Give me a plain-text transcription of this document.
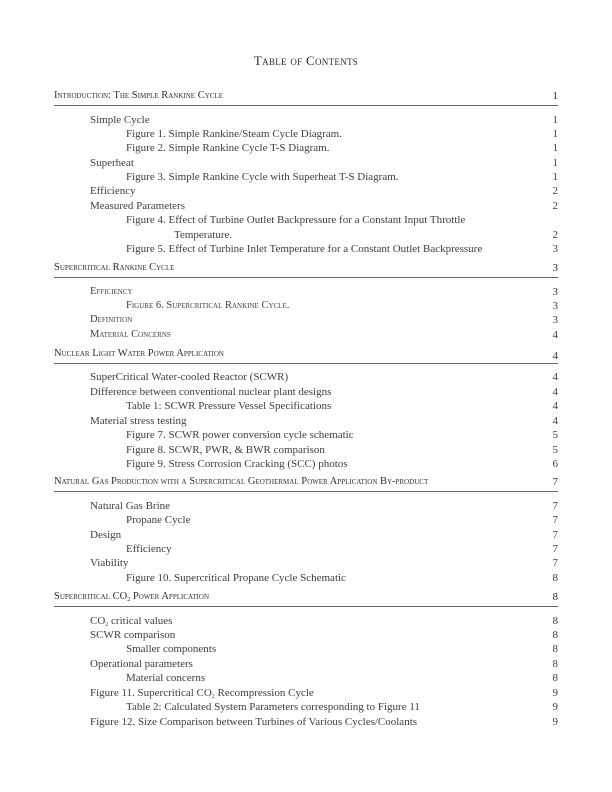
Table of Contents
Introduction: The Simple Rankine Cycle	1
Simple Cycle	1
Figure 1. Simple Rankine/Steam Cycle Diagram.	1
Figure 2. Simple Rankine Cycle T-S Diagram.	1
Superheat	1
Figure 3. Simple Rankine Cycle with Superheat T-S Diagram.	1
Efficiency	2
Measured Parameters	2
Figure 4. Effect of Turbine Outlet Backpressure for a Constant Input Throttle
Temperature.	2
Figure 5. Effect of Turbine Inlet Temperature for a Constant Outlet Backpressure	3
Supercritical Rankine Cycle	3
Efficiency	3
Figure 6. Supercritical Rankine Cycle.	3
Definition	3
Material Concerns	4
Nuclear Light Water Power Application	4
SuperCritical Water-cooled Reactor (SCWR)	4
Difference between conventional nuclear plant designs	4
Table 1: SCWR Pressure Vessel Specifications	4
Material stress testing	4
Figure 7. SCWR power conversion cycle schematic	5
Figure 8. SCWR, PWR, & BWR comparison	5
Figure 9. Stress Corrosion Cracking (SCC) photos	6
Natural Gas Production with a Supercritical Geothermal Power Application By-product	7
Natural Gas Brine	7
Propane Cycle	7
Design	7
Efficiency	7
Viability	7
Figure 10. Supercritical Propane Cycle Schematic	8
Supercritical $CO_2$ Power Application	8
$CO_2$ critical values	8
SCWR comparison	8
Smaller components	8
Operational parameters	8
Material concerns	8
Figure 11. Supercritical $CO_2$ Recompression Cycle	9
Table 2: Calculated System Parameters corresponding to Figure 11	9
Figure 12. Size Comparison between Turbines of Various Cycles/Coolants	9
